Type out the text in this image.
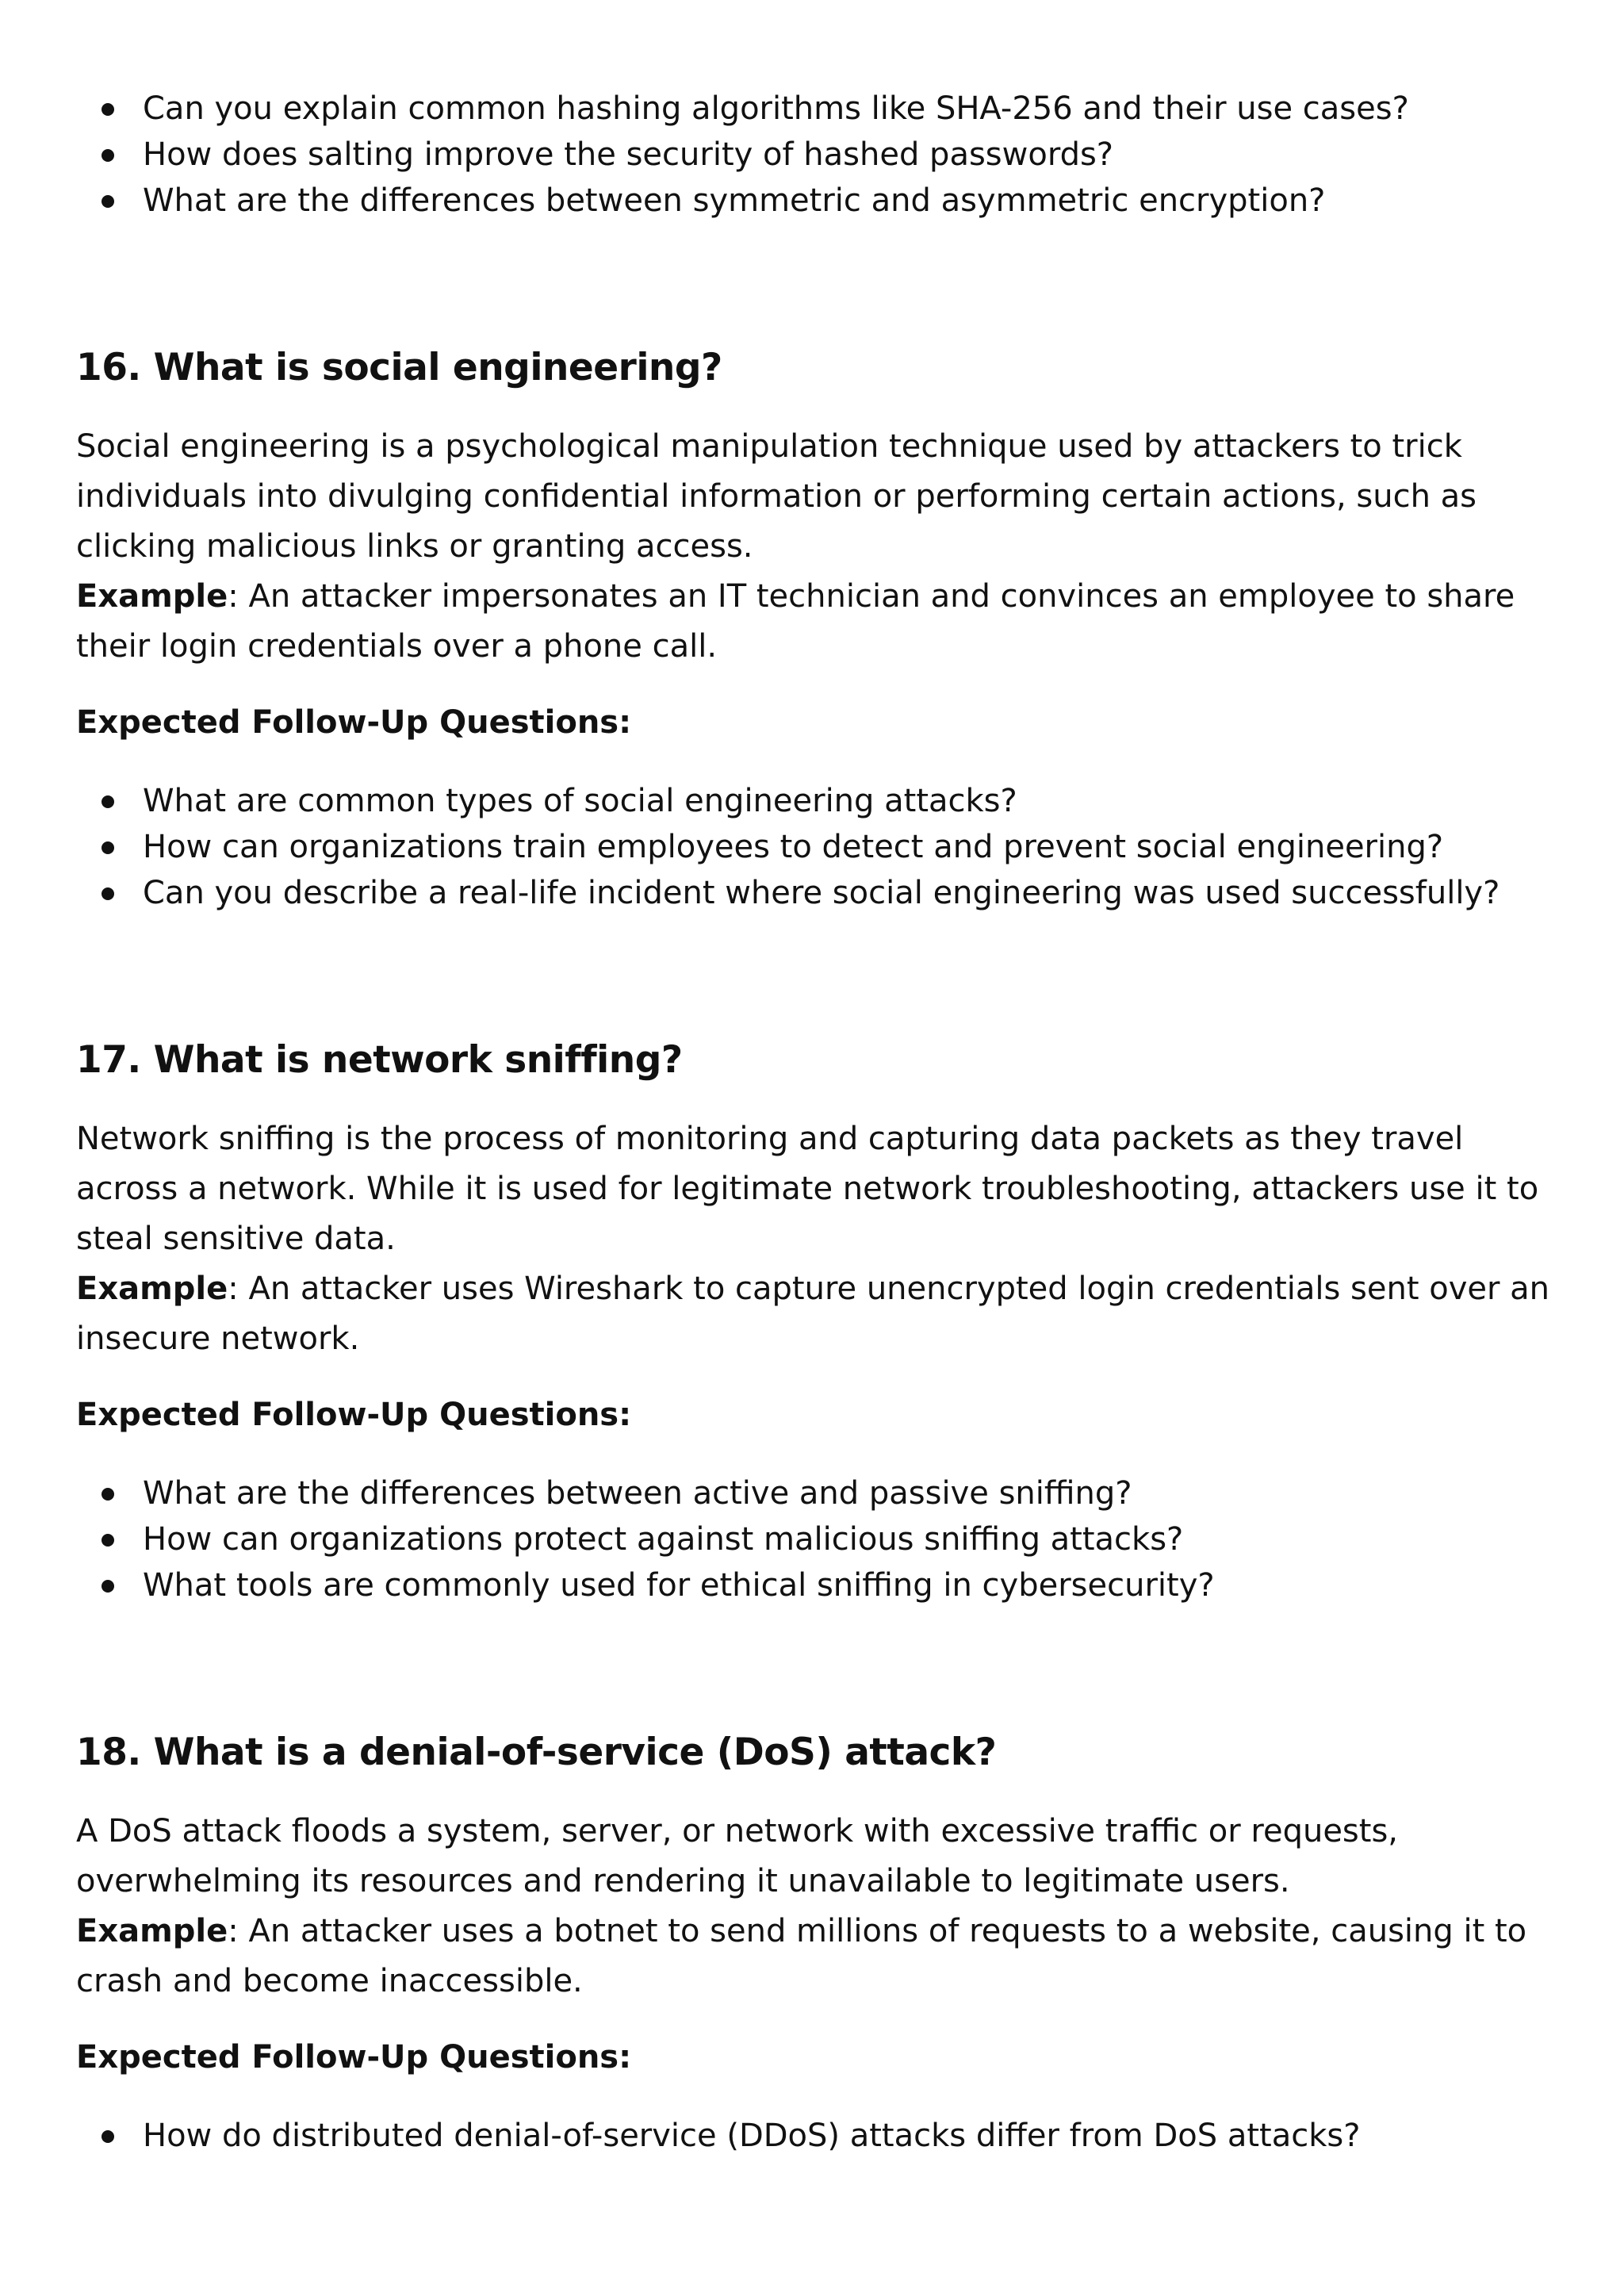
Can you explain common hashing algorithms like SHA-256 and their use cases?
How does salting improve the security of hashed passwords?
What are the differences between symmetric and asymmetric encryption?
16. What is social engineering?

Social engineering is a psychological manipulation technique used by attackers to trick individuals into divulging confidential information or performing certain actions, such as clicking malicious links or granting access.

Example: An attacker impersonates an IT technician and convinces an employee to share their login credentials over a phone call.

Expected Follow-Up Questions:

What are common types of social engineering attacks?
How can organizations train employees to detect and prevent social engineering?
Can you describe a real-life incident where social engineering was used successfully?
17. What is network sniffing?

Network sniffing is the process of monitoring and capturing data packets as they travel across a network. While it is used for legitimate network troubleshooting, attackers use it to steal sensitive data.

Example: An attacker uses Wireshark to capture unencrypted login credentials sent over an insecure network.

Expected Follow-Up Questions:

What are the differences between active and passive sniffing?
How can organizations protect against malicious sniffing attacks?
What tools are commonly used for ethical sniffing in cybersecurity?
18. What is a denial-of-service (DoS) attack?

A DoS attack floods a system, server, or network with excessive traffic or requests, overwhelming its resources and rendering it unavailable to legitimate users.

Example: An attacker uses a botnet to send millions of requests to a website, causing it to crash and become inaccessible.

Expected Follow-Up Questions:

How do distributed denial-of-service (DDoS) attacks differ from DoS attacks?
